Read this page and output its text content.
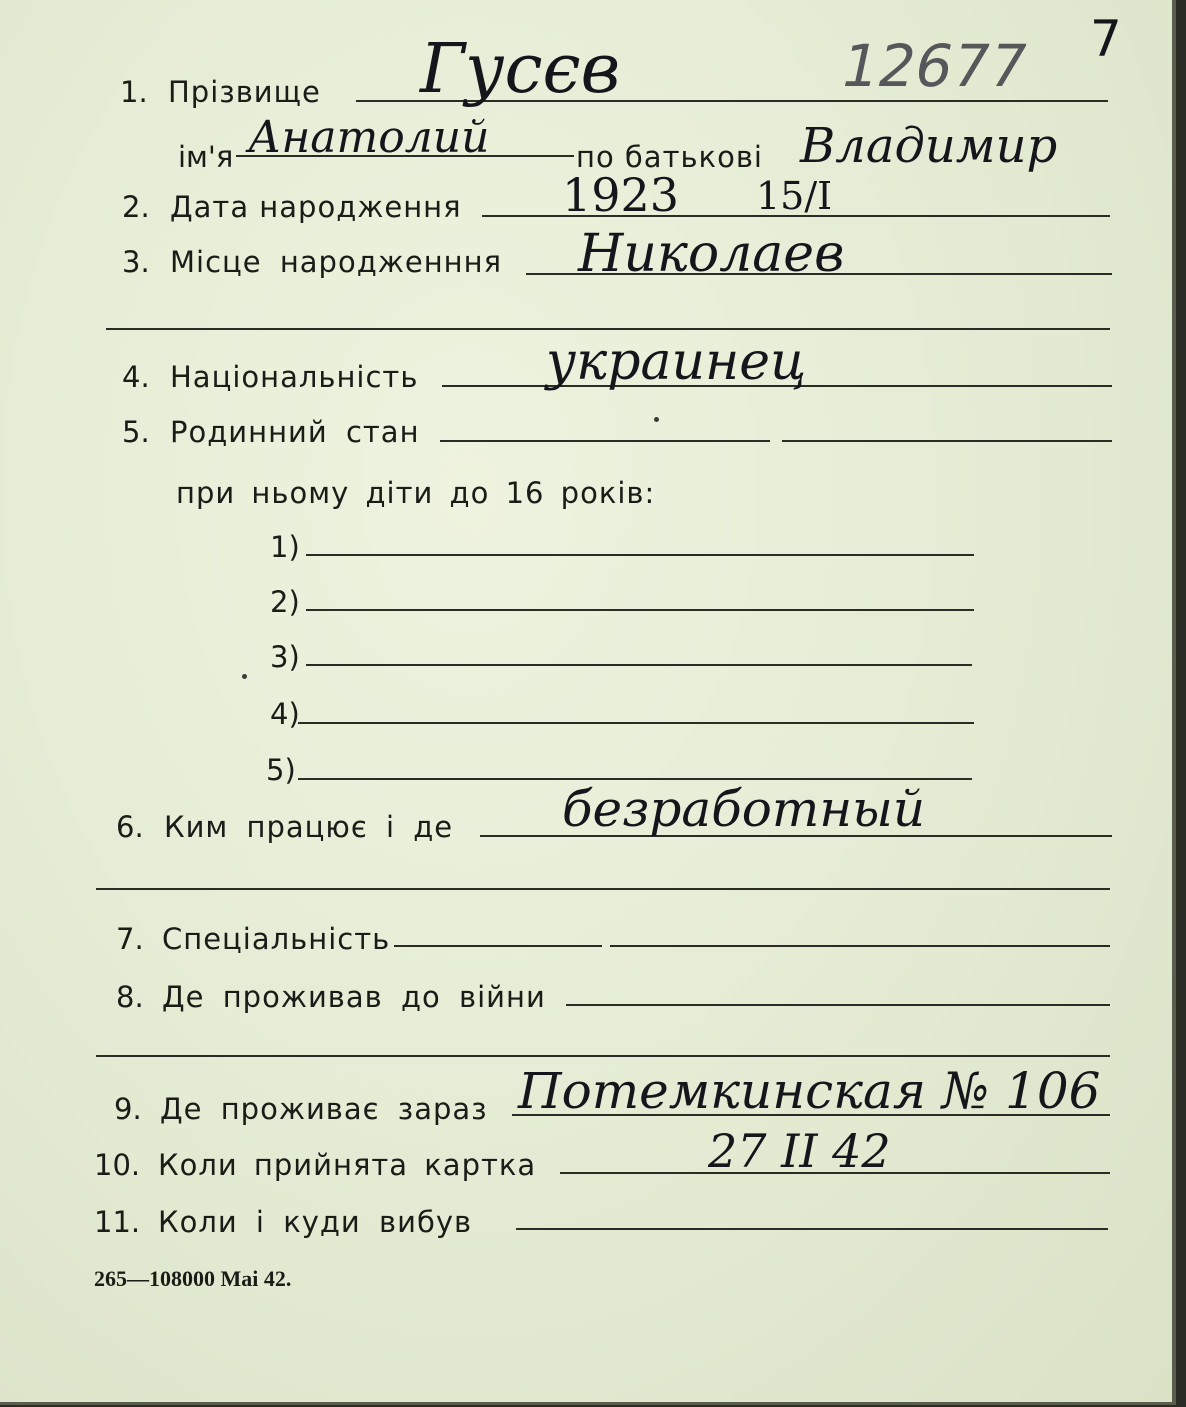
12677 7
1. Прізвище Гусєв
ім'я Анатолий	по батькові Владимир
2. Дата народження 1923 15/I
3. Місце народженння Николаев
4. Національність украинец
5. Родинний стан
при ньому діти до 16 років:
1)
2)
3)
4)
5)
6. Ким працює і де безработный
7. Спеціальність
8. Де проживав до війни
9. Де проживає зараз Потемкинская № 106
10. Коли прийнята картка	27 II 42
11. Коли і куди вибув
265—108000 Mai 42.
